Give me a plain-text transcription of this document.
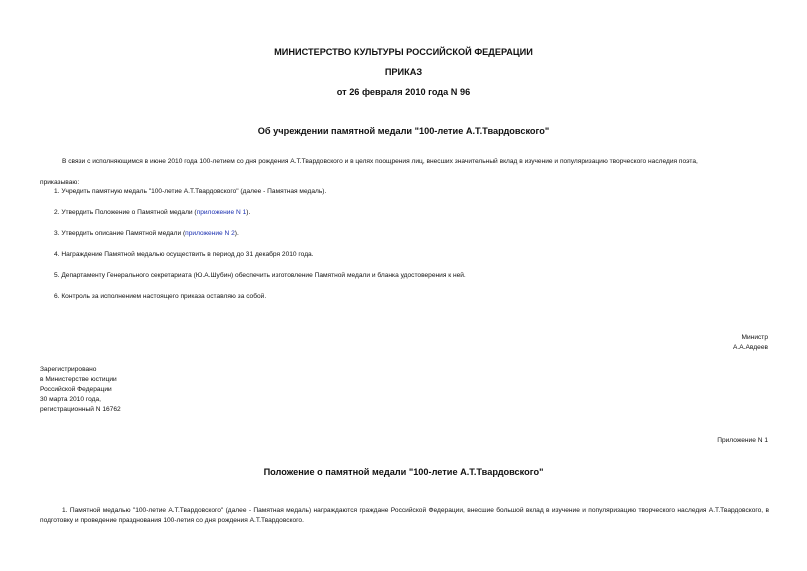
МИНИСТЕРСТВО КУЛЬТУРЫ РОССИЙСКОЙ ФЕДЕРАЦИИ
ПРИКАЗ
от 26 февраля 2010 года N 96
Об учреждении памятной медали "100-летие А.Т.Твардовского"
В связи с исполняющимся в июне 2010 года 100-летием со дня рождения А.Т.Твардовского и в целях поощрения лиц, внесших значительный вклад в изучение и популяризацию творческого наследия поэта,
приказываю:
1. Учредить памятную медаль "100-летие А.Т.Твардовского" (далее - Памятная медаль).
2. Утвердить Положение о Памятной медали (приложение N 1).
3. Утвердить описание Памятной медали (приложение N 2).
4. Награждение Памятной медалью осуществить в период до 31 декабря 2010 года.
5. Департаменту Генерального секретариата (Ю.А.Шубин) обеспечить изготовление Памятной медали и бланка удостоверения к ней.
6. Контроль за исполнением настоящего приказа оставляю за собой.
Министр
А.А.Авдеев
Зарегистрировано
в Министерстве юстиции
Российской Федерации
30 марта 2010 года,
регистрационный N 16762
Приложение N 1
Положение о памятной медали "100-летие А.Т.Твардовского"
1. Памятной медалью "100-летие А.Т.Твардовского" (далее - Памятная медаль) награждаются граждане Российской Федерации, внесшие большой вклад в изучение и популяризацию творческого наследия А.Т.Твардовского, в подготовку и проведение празднования 100-летия со дня рождения А.Т.Твардовского.
